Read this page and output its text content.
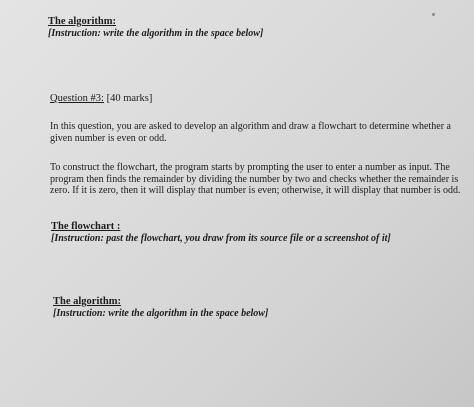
The algorithm:

[Instruction: write the algorithm in the space below]

Question #3: [40 marks]

In this question, you are asked to develop an algorithm and draw a flowchart to determine whether a given number is even or odd.

To construct the flowchart, the program starts by prompting the user to enter a number as input. The program then finds the remainder by dividing the number by two and checks whether the remainder is zero. If it is zero, then it will display that number is even; otherwise, it will display that number is odd.

The flowchart :

[Instruction: past the flowchart, you draw from its source file or a screenshot of it]

The algorithm:

[Instruction: write the algorithm in the space below]
